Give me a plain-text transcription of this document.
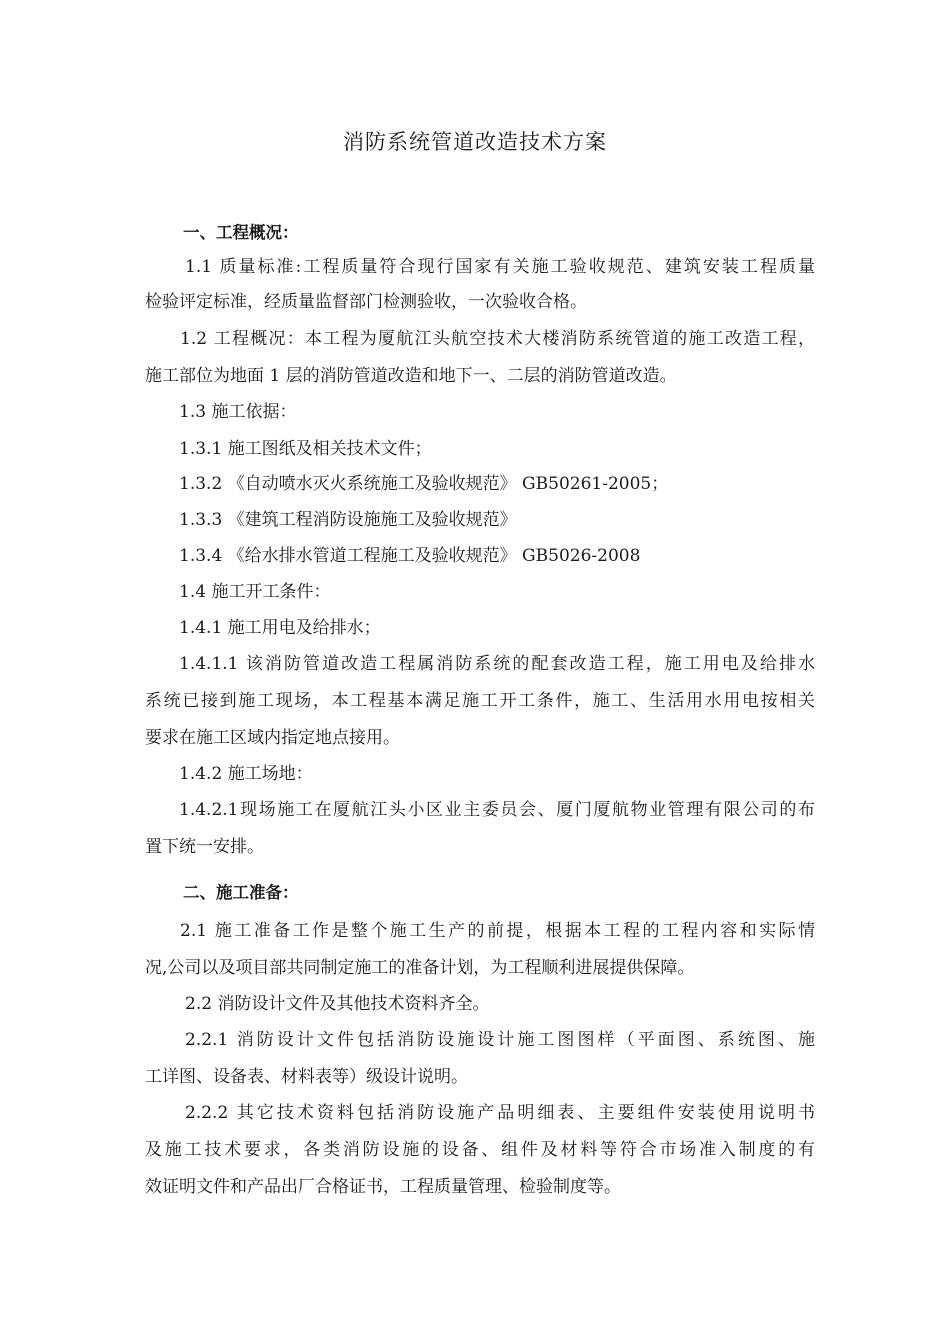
消防系统管道改造技术方案
一、工程概况：
1.1 质量标准:工程质量符合现行国家有关施工验收规范、建筑安装工程质量
检验评定标准，经质量监督部门检测验收，一次验收合格。
1.2 工程概况：本工程为厦航江头航空技术大楼消防系统管道的施工改造工程，
施工部位为地面 1 层的消防管道改造和地下一、二层的消防管道改造。
1.3 施工依据：
1.3.1 施工图纸及相关技术文件；
1.3.2 《自动喷水灭火系统施工及验收规范》 GB50261-2005；
1.3.3 《建筑工程消防设施施工及验收规范》
1.3.4 《给水排水管道工程施工及验收规范》 GB5026-2008
1.4 施工开工条件：
1.4.1 施工用电及给排水；
1.4.1.1 该消防管道改造工程属消防系统的配套改造工程，施工用电及给排水
系统已接到施工现场，本工程基本满足施工开工条件，施工、生活用水用电按相关
要求在施工区域内指定地点接用。
1.4.2 施工场地：
1.4.2.1现场施工在厦航江头小区业主委员会、厦门厦航物业管理有限公司的布
置下统一安排。
二、施工准备：
2.1 施工准备工作是整个施工生产的前提，根据本工程的工程内容和实际情
况,公司以及项目部共同制定施工的准备计划，为工程顺利进展提供保障。
2.2 消防设计文件及其他技术资料齐全。
2.2.1 消防设计文件包括消防设施设计施工图图样（平面图、系统图、施
工详图、设备表、材料表等）级设计说明。
2.2.2 其它技术资料包括消防设施产品明细表、主要组件安装使用说明书
及施工技术要求，各类消防设施的设备、组件及材料等符合市场准入制度的有
效证明文件和产品出厂合格证书，工程质量管理、检验制度等。
